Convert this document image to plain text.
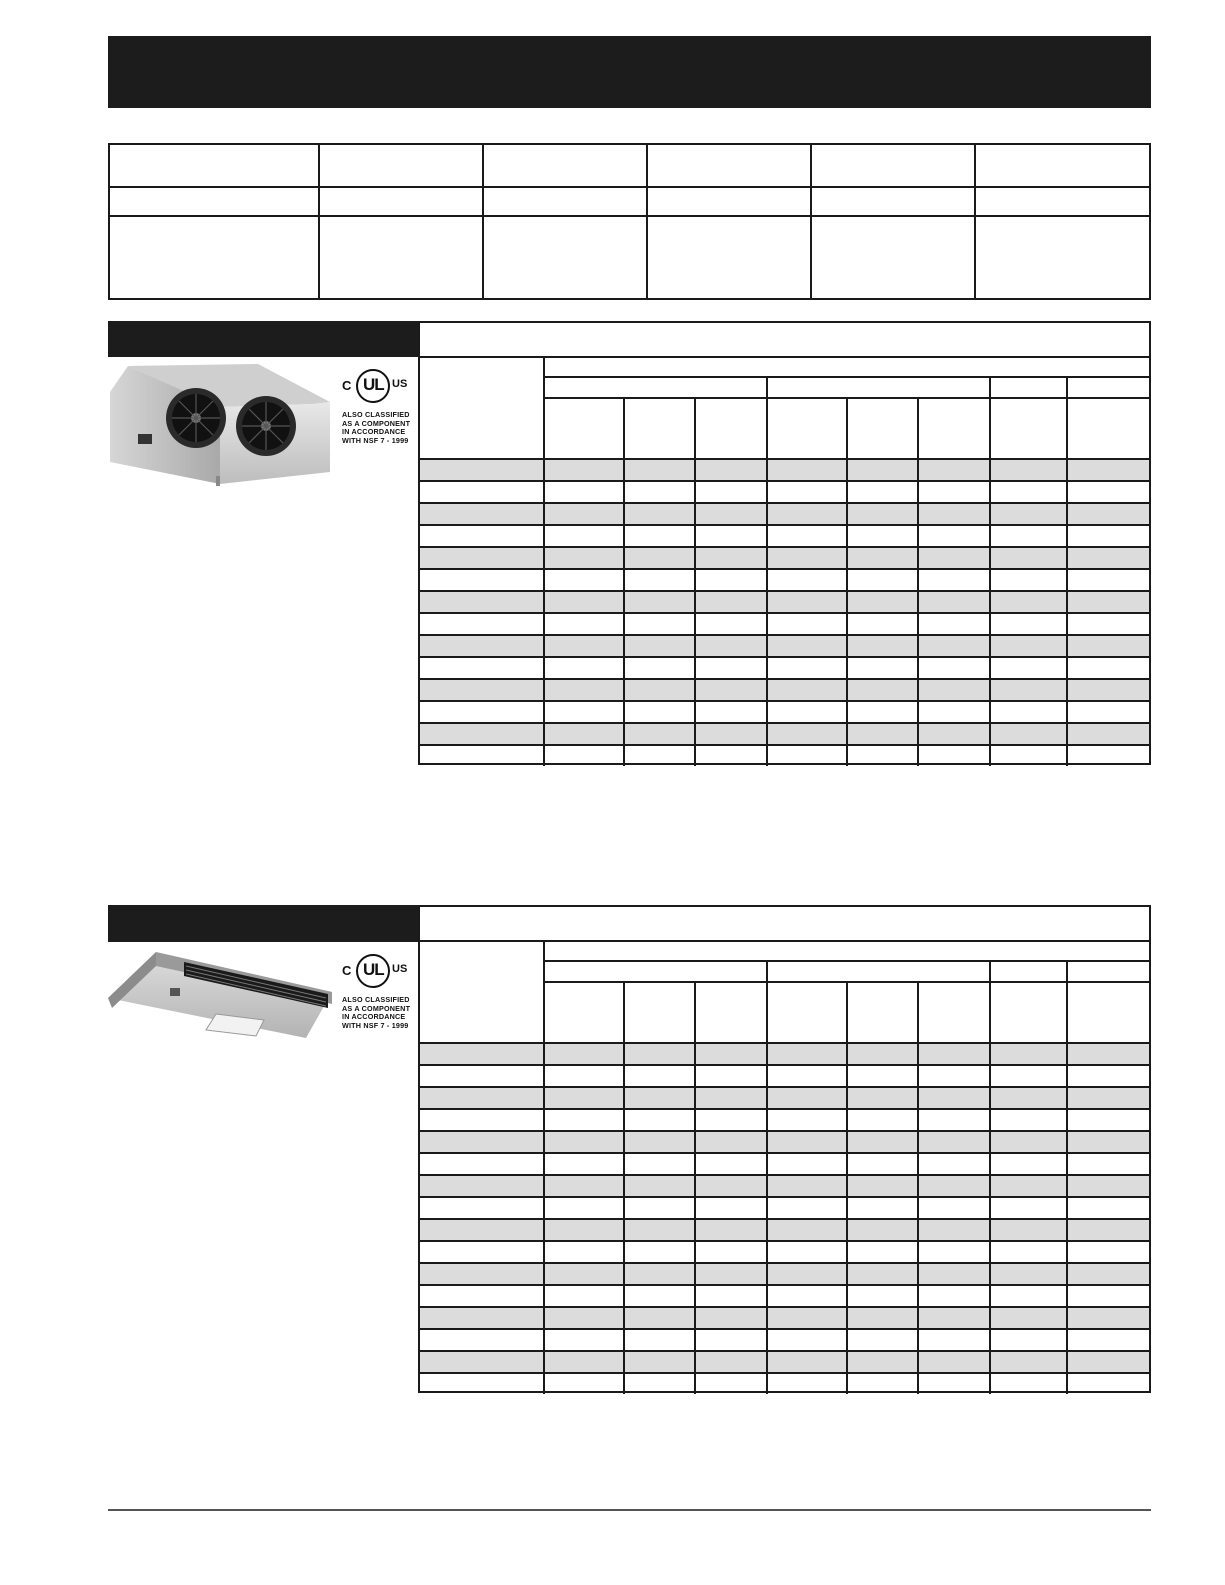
C UL US
ALSO CLASSIFIED AS A COMPONENT IN ACCORDANCE WITH NSF 7 - 1999
C UL US
ALSO CLASSIFIED AS A COMPONENT IN ACCORDANCE WITH NSF 7 - 1999
